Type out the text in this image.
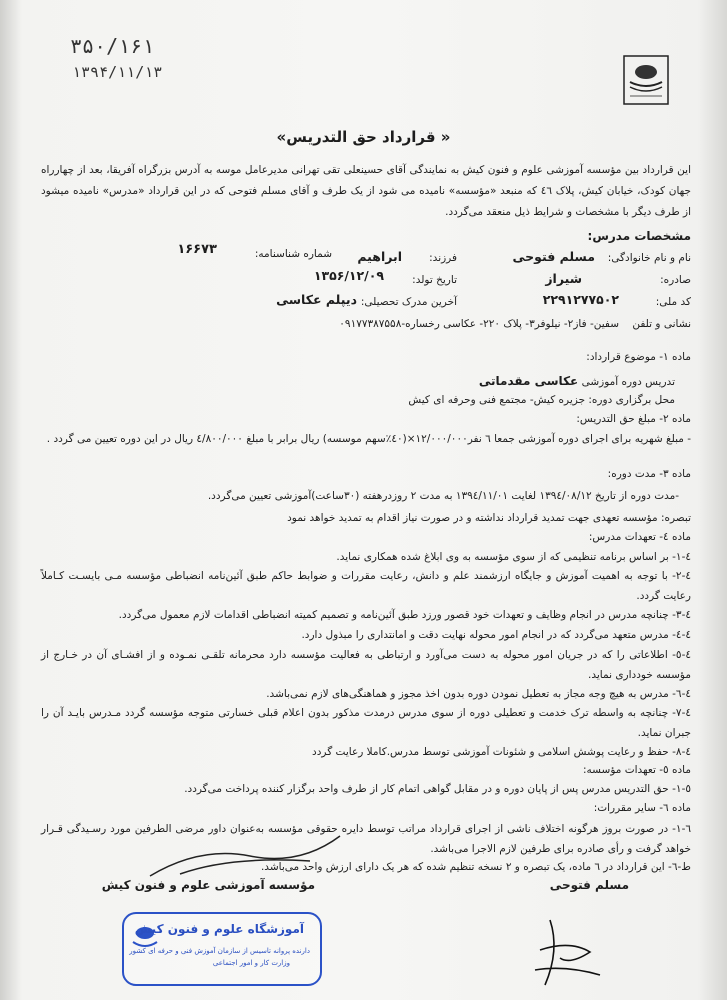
۳۵۰/۱۶۱
۱۳۹۴/۱۱/۱۳
« قرارداد حق التدریس»
این قرارداد بین مؤسسه آموزشی علوم و فنون کیش به نمایندگی آقای حسینعلی تقی تهرانی مدیرعامل موسه به آدرس بزرگراه آفریقا، بعد از چهارراه جهان کودک، خیابان کیش، پلاک ٤٦ که منبعد «مؤسسه» نامیده می شود از یک طرف و آقای مسلم فتوحی که در این قرارداد «مدرس» نامیده میشود از طرف دیگر با مشخصات و شرایط ذیل منعقد می‌گردد.
مشخصات مدرس:
نام و نام خانوادگی:
مسلم فتوحی
فرزند:
ابراهیم
شماره شناسنامه:
۱۶۶۷۳
صادره:
شیراز
تاریخ تولد:
۱۳۵۶/۱۲/۰۹
کد ملی:
۲۲۹۱۲۷۷۵۰۲
آخرین مدرک تحصیلی:
دیپلم عکاسی
نشانی و تلفن
سفین- فاز۲- نیلوفر۳- پلاک ۲۲۰- عکاسی رخساره-۰۹۱۷۷۳۸۷۵۵۸
ماده ۱- موضوع قرارداد:
تدریس دوره آموزشی عکاسی مقدماتی
محل برگزاری دوره: جزیره کیش- مجتمع فنی وحرفه ای کیش
ماده ۲- مبلغ حق التدریس:
- مبلغ شهریه برای اجرای دوره آموزشی جمعا ٦ نفر۱۲/۰۰۰/۰۰۰×(٤۰٪سهم موسسه) ریال برابر با مبلغ ٤/۸۰۰/۰۰۰ ریال در این دوره تعیین می گردد .
ماده ۳- مدت دوره:
-مدت دوره از تاریخ ۱۳۹٤/۰۸/۱۲ لغایت ۱۳۹٤/۱۱/۰۱ به مدت ۲ روزدرهفته (۳۰ساعت)آموزشی تعیین می‌گردد.
تبصره: مؤسسه تعهدی جهت تمدید قرارداد نداشته و در صورت نیاز اقدام به تمدید خواهد نمود
ماده ٤- تعهدات مدرس:
٤-۱- بر اساس برنامه تنظیمی که از سوی مؤسسه به وی ابلاغ شده همکاری نماید.
٤-۲- با توجه به اهمیت آموزش و جایگاه ارزشمند علم و دانش، رعایت مقررات و ضوابط حاکم طبق آئین‌نامه انضباطی مؤسسه مـی بایسـت کـاملاً رعایت گردد.
٤-۳- چنانچه مدرس در انجام وظایف و تعهدات خود قصور ورزد طبق آئین‌نامه و تصمیم کمیته انضباطی اقدامات لازم معمول می‌گردد.
٤-٤- مدرس متعهد می‌گردد که در انجام امور محوله نهایت دقت و امانتداری را مبذول دارد.
٤-٥- اطلاعاتی را که در جریان امور محوله به دست می‌آورد و ارتباطی به فعالیت مؤسسه دارد محرمانه تلقـی نمـوده و از افشـای آن در خـارج از مؤسسه خودداری نماید.
٤-٦- مدرس به هیچ وجه مجاز به تعطیل نمودن دوره بدون اخذ مجوز و هماهنگی‌های لازم نمی‌باشد.
٤-۷- چنانچه به واسطه ترک خدمت و تعطیلی دوره از سوی مدرس درمدت مذکور بدون اعلام قبلی خسارتی متوجه مؤسسه گردد مـدرس بایـد آن را جبران نماید.
٤-۸- حفظ و رعایت پوشش اسلامی و شئونات آموزشی توسط مدرس.کاملا رعایت گردد
ماده ٥- تعهدات مؤسسه:
٥-۱- حق التدریس مدرس پس از پایان دوره و در مقابل گواهی اتمام کار از طرف واحد برگزار کننده پرداخت می‌گردد.
ماده ٦- سایر مقررات:
٦-۱- در صورت بروز هرگونه اختلاف ناشی از اجرای قرارداد مراتب توسط دایره حقوقی مؤسسه به‌عنوان داور مرضی الطرفین مورد رسـیدگی قـرار خواهد گرفت و رأی صادره برای طرفین لازم الاجرا می‌باشد.
ط-٦- این قرارداد در ٦ ماده، یک تبصره و ۲ نسخه تنظیم شده که هر یک دارای ارزش واحد می‌باشد.
مؤسسه آموزشی علوم و فنون کیش	مسلم فتوحی
آموزشگاه علوم و فنون کیش
دارنده پروانه تاسیس از سازمان آموزش فنی و حرفه ای کشور
وزارت کار و امور اجتماعی
